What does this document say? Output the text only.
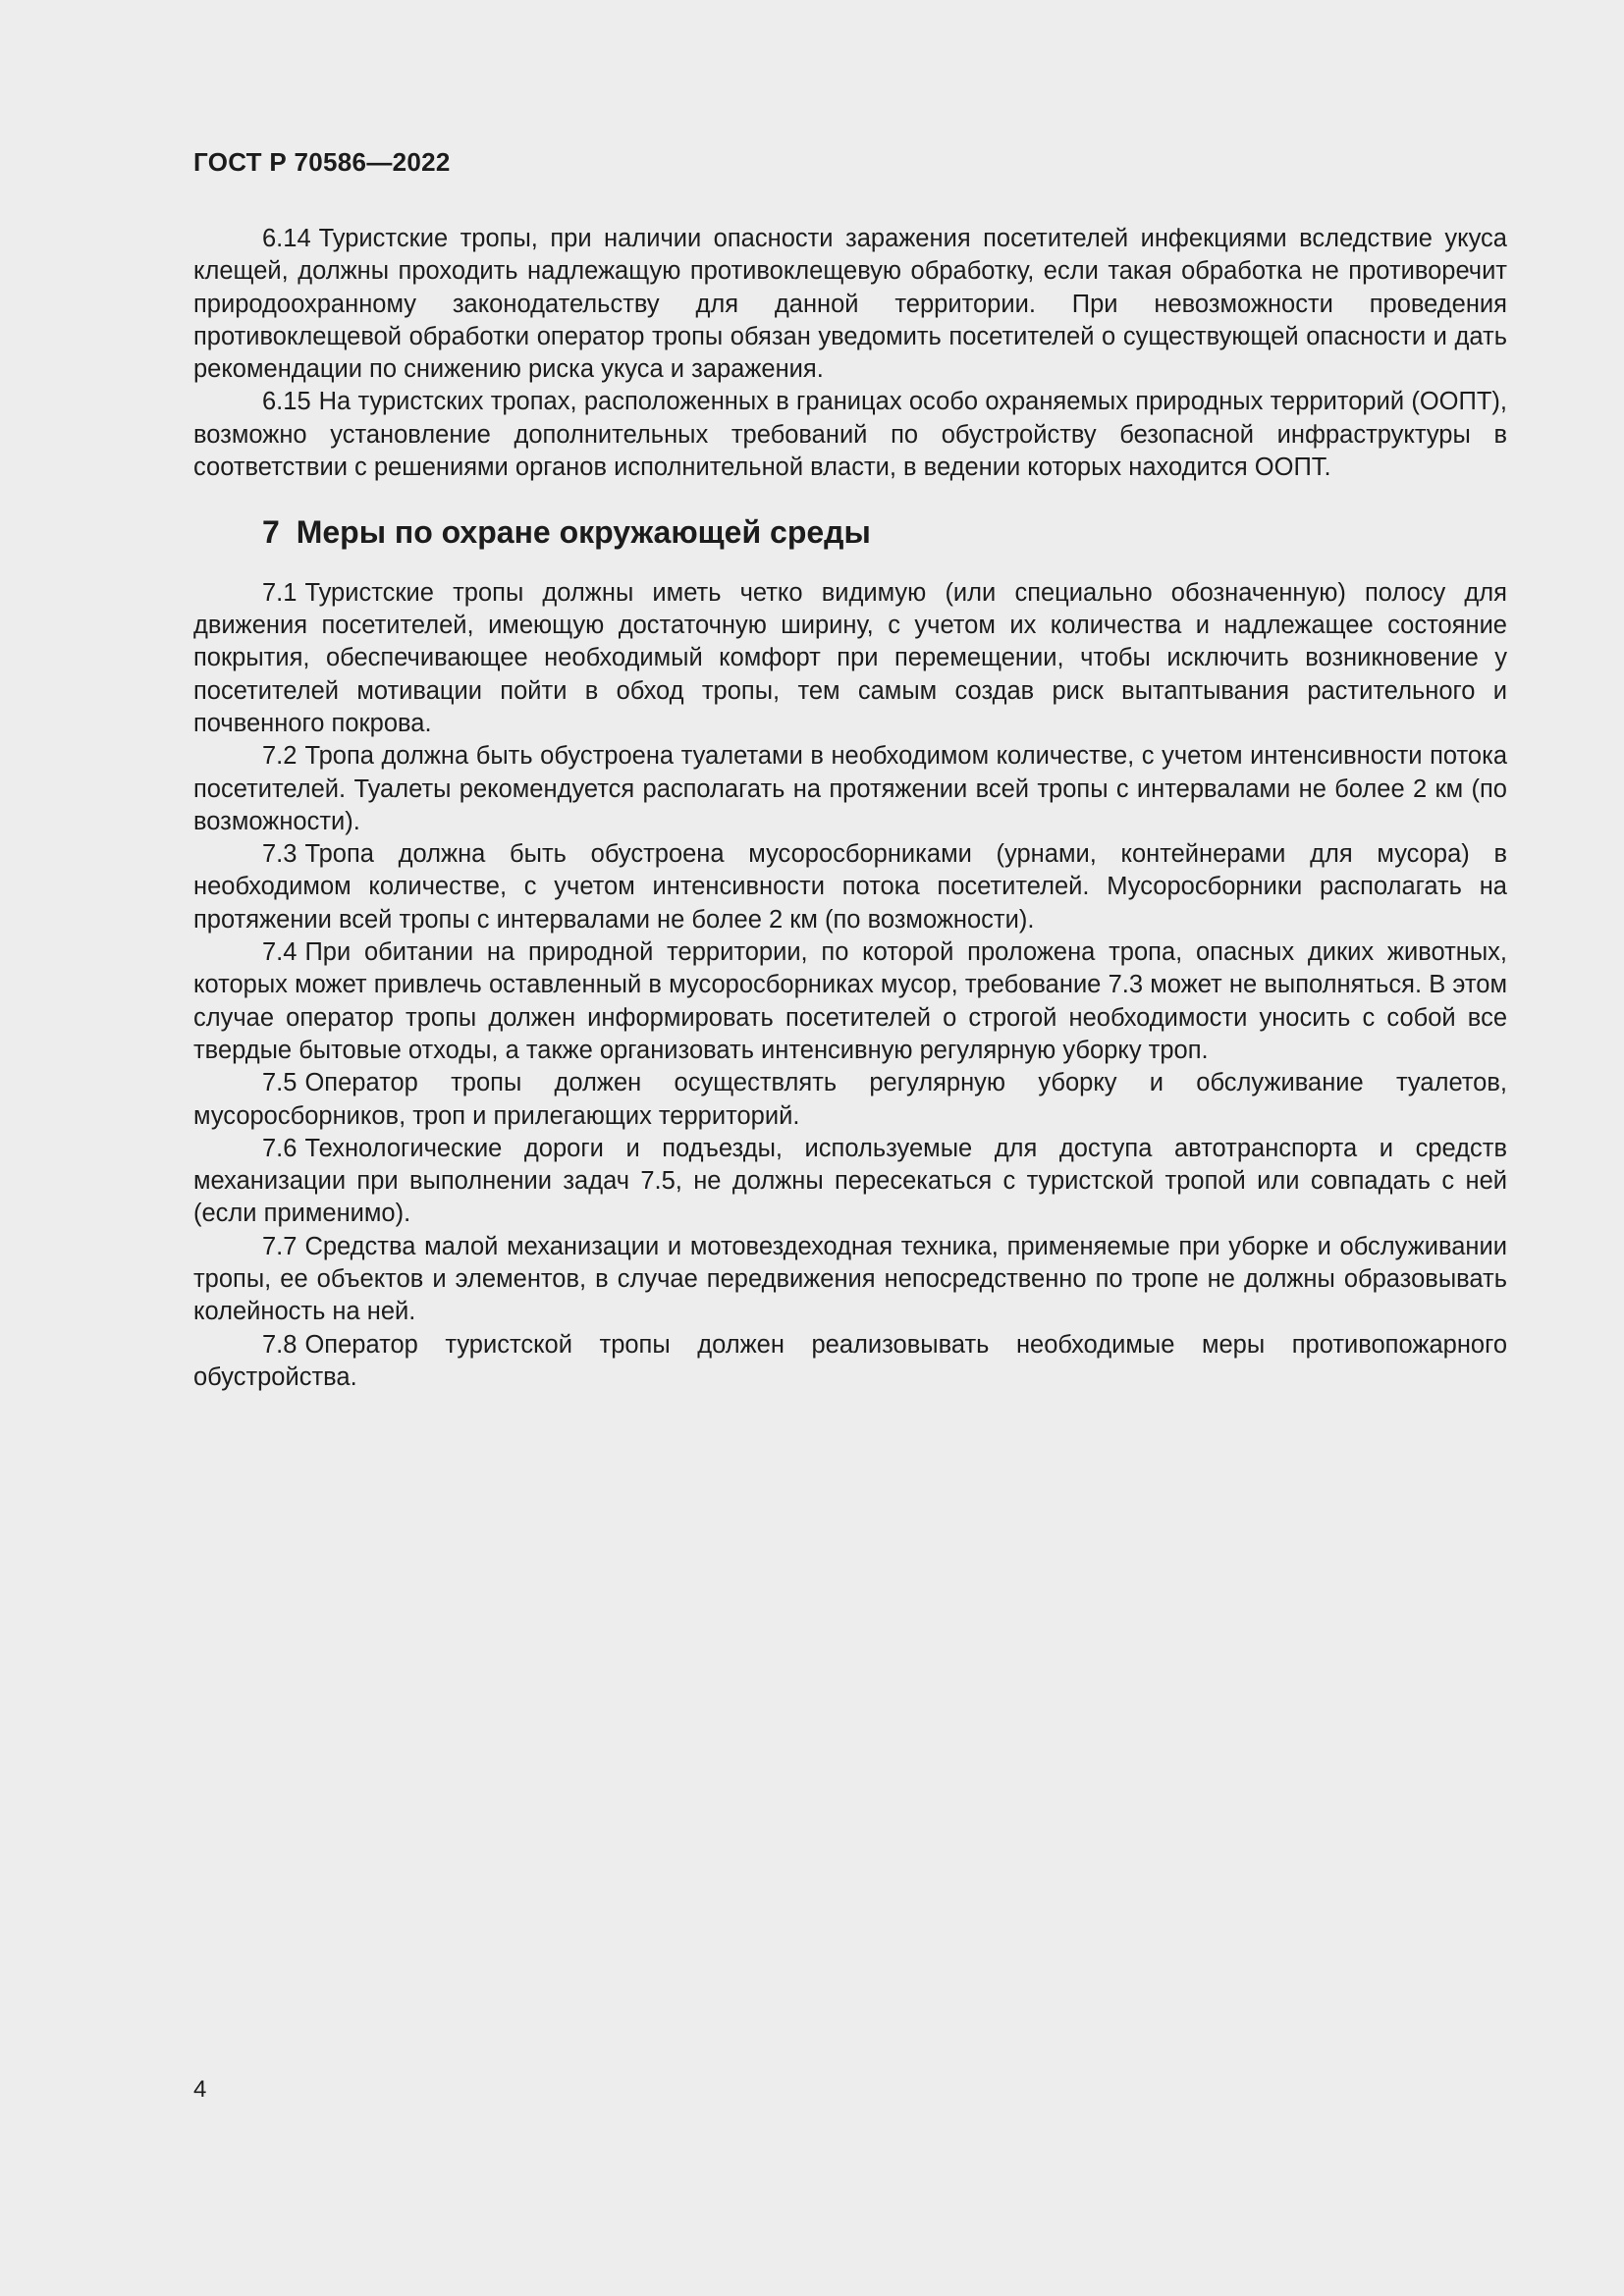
ГОСТ Р 70586—2022

6.14 Туристские тропы, при наличии опасности заражения посетителей инфекциями вследствие укуса клещей, должны проходить надлежащую противоклещевую обработку, если такая обработка не противоречит природоохранному законодательству для данной территории. При невозможности проведения противоклещевой обработки оператор тропы обязан уведомить посетителей о существующей опасности и дать рекомендации по снижению риска укуса и заражения.

6.15 На туристских тропах, расположенных в границах особо охраняемых природных территорий (ООПТ), возможно установление дополнительных требований по обустройству безопасной инфраструктуры в соответствии с решениями органов исполнительной власти, в ведении которых находится ООПТ.

7 Меры по охране окружающей среды

7.1 Туристские тропы должны иметь четко видимую (или специально обозначенную) полосу для движения посетителей, имеющую достаточную ширину, с учетом их количества и надлежащее состояние покрытия, обеспечивающее необходимый комфорт при перемещении, чтобы исключить возникновение у посетителей мотивации пойти в обход тропы, тем самым создав риск вытаптывания растительного и почвенного покрова.

7.2 Тропа должна быть обустроена туалетами в необходимом количестве, с учетом интенсивности потока посетителей. Туалеты рекомендуется располагать на протяжении всей тропы с интервалами не более 2 км (по возможности).

7.3 Тропа должна быть обустроена мусоросборниками (урнами, контейнерами для мусора) в необходимом количестве, с учетом интенсивности потока посетителей. Мусоросборники располагать на протяжении всей тропы с интервалами не более 2 км (по возможности).

7.4 При обитании на природной территории, по которой проложена тропа, опасных диких животных, которых может привлечь оставленный в мусоросборниках мусор, требование 7.3 может не выполняться. В этом случае оператор тропы должен информировать посетителей о строгой необходимости уносить с собой все твердые бытовые отходы, а также организовать интенсивную регулярную уборку троп.

7.5 Оператор тропы должен осуществлять регулярную уборку и обслуживание туалетов, мусоросборников, троп и прилегающих территорий.

7.6 Технологические дороги и подъезды, используемые для доступа автотранспорта и средств механизации при выполнении задач 7.5, не должны пересекаться с туристской тропой или совпадать с ней (если применимо).

7.7 Средства малой механизации и мотовездеходная техника, применяемые при уборке и обслуживании тропы, ее объектов и элементов, в случае передвижения непосредственно по тропе не должны образовывать колейность на ней.

7.8 Оператор туристской тропы должен реализовывать необходимые меры противопожарного обустройства.

4
